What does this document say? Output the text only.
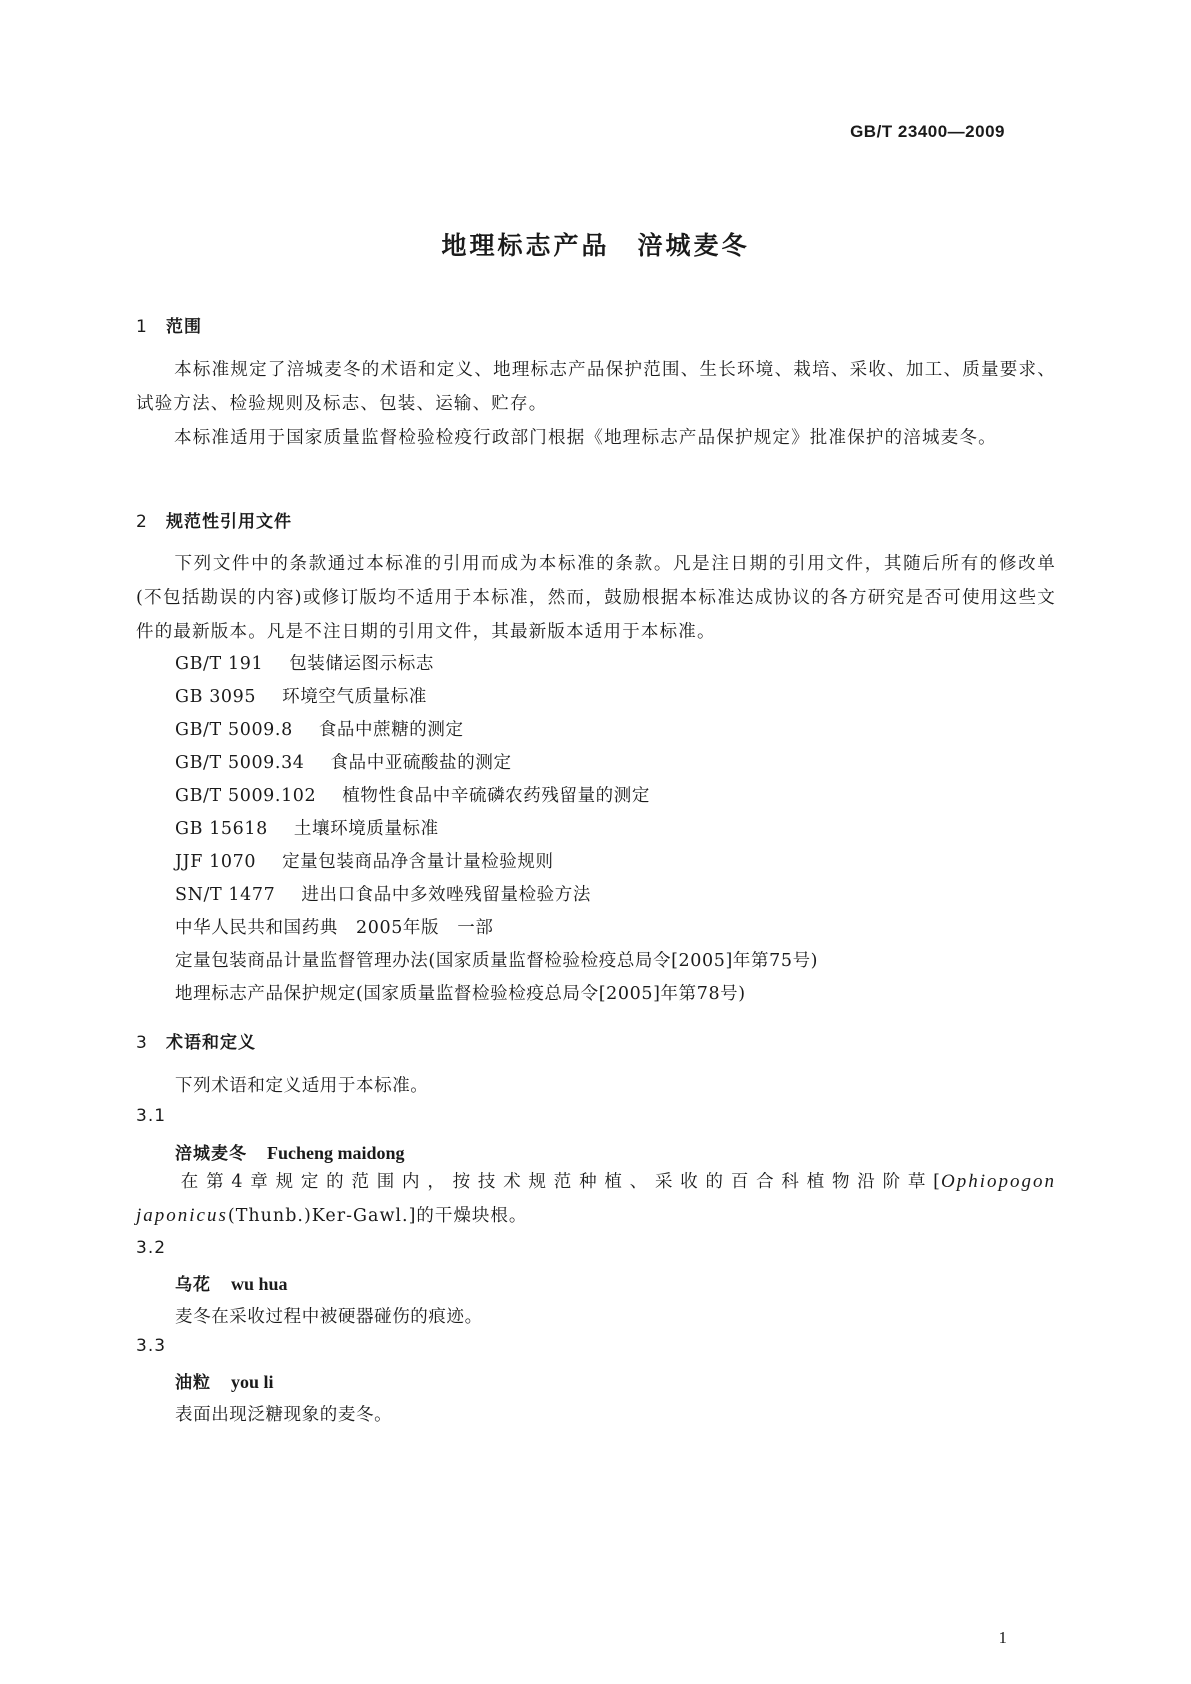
GB/T 23400—2009
地理标志产品　涪城麦冬
1 范围
本标准规定了涪城麦冬的术语和定义、地理标志产品保护范围、生长环境、栽培、采收、加工、质量要求、试验方法、检验规则及标志、包装、运输、贮存。
本标准适用于国家质量监督检验检疫行政部门根据《地理标志产品保护规定》批准保护的涪城麦冬。
2 规范性引用文件
下列文件中的条款通过本标准的引用而成为本标准的条款。凡是注日期的引用文件，其随后所有的修改单(不包括勘误的内容)或修订版均不适用于本标准，然而，鼓励根据本标准达成协议的各方研究是否可使用这些文件的最新版本。凡是不注日期的引用文件，其最新版本适用于本标准。
GB/T 191 包装储运图示标志
GB 3095 环境空气质量标准
GB/T 5009.8 食品中蔗糖的测定
GB/T 5009.34 食品中亚硫酸盐的测定
GB/T 5009.102 植物性食品中辛硫磷农药残留量的测定
GB 15618 土壤环境质量标准
JJF 1070 定量包装商品净含量计量检验规则
SN/T 1477 进出口食品中多效唑残留量检验方法
中华人民共和国药典　2005年版　一部
定量包装商品计量监督管理办法(国家质量监督检验检疫总局令[2005]年第75号)
地理标志产品保护规定(国家质量监督检验检疫总局令[2005]年第78号)
3 术语和定义
下列术语和定义适用于本标准。
3.1
涪城麦冬 Fucheng maidong
在第4章规定的范围内，按技术规范种植、采收的百合科植物沿阶草[Ophiopogon japonicus(Thunb.)Ker-Gawl.]的干燥块根。
3.2
乌花 wu hua
麦冬在采收过程中被硬器碰伤的痕迹。
3.3
油粒 you li
表面出现泛糖现象的麦冬。
1
